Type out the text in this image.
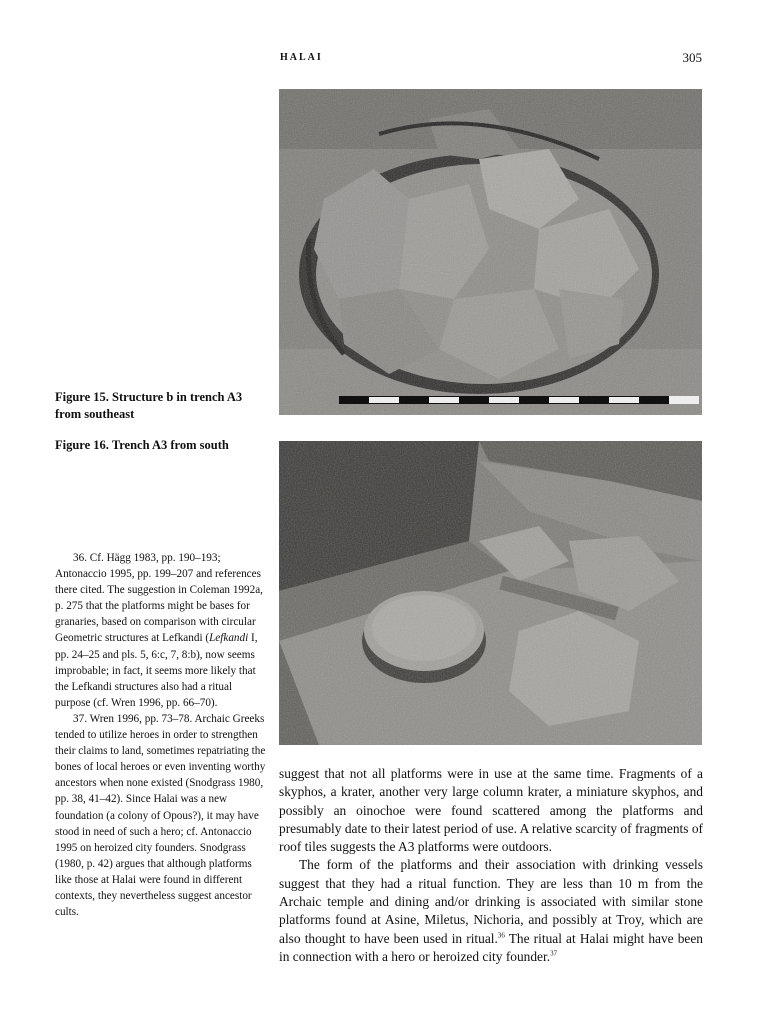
HALAI	305
Figure 15. Structure b in trench A3 from southeast
Figure 16. Trench A3 from south

36. Cf. Hägg 1983, pp. 190–193; Antonaccio 1995, pp. 199–207 and references there cited. The suggestion in Coleman 1992a, p. 275 that the platforms might be bases for granaries, based on comparison with circular Geometric structures at Lefkandi (Lefkandi I, pp. 24–25 and pls. 5, 6:c, 7, 8:b), now seems improbable; in fact, it seems more likely that the Lefkandi structures also had a ritual purpose (cf. Wren 1996, pp. 66–70).

37. Wren 1996, pp. 73–78. Archaic Greeks tended to utilize heroes in order to strengthen their claims to land, sometimes repatriating the bones of local heroes or even inventing worthy ancestors when none existed (Snodgrass 1980, pp. 38, 41–42). Since Halai was a new foundation (a colony of Opous?), it may have stood in need of such a hero; cf. Antonaccio 1995 on heroized city founders. Snodgrass (1980, p. 42) argues that although platforms like those at Halai were found in different contexts, they nevertheless suggest ancestor cults.

suggest that not all platforms were in use at the same time. Fragments of a skyphos, a krater, another very large column krater, a miniature skyphos, and possibly an oinochoe were found scattered among the platforms and presumably date to their latest period of use. A relative scarcity of fragments of roof tiles suggests the A3 platforms were outdoors.

The form of the platforms and their association with drinking vessels suggest that they had a ritual function. They are less than 10 m from the Archaic temple and dining and/or drinking is associated with similar stone platforms found at Asine, Miletus, Nichoria, and possibly at Troy, which are also thought to have been used in ritual.$^{36}$ The ritual at Halai might have been in connection with a hero or heroized city founder.$^{37}$
